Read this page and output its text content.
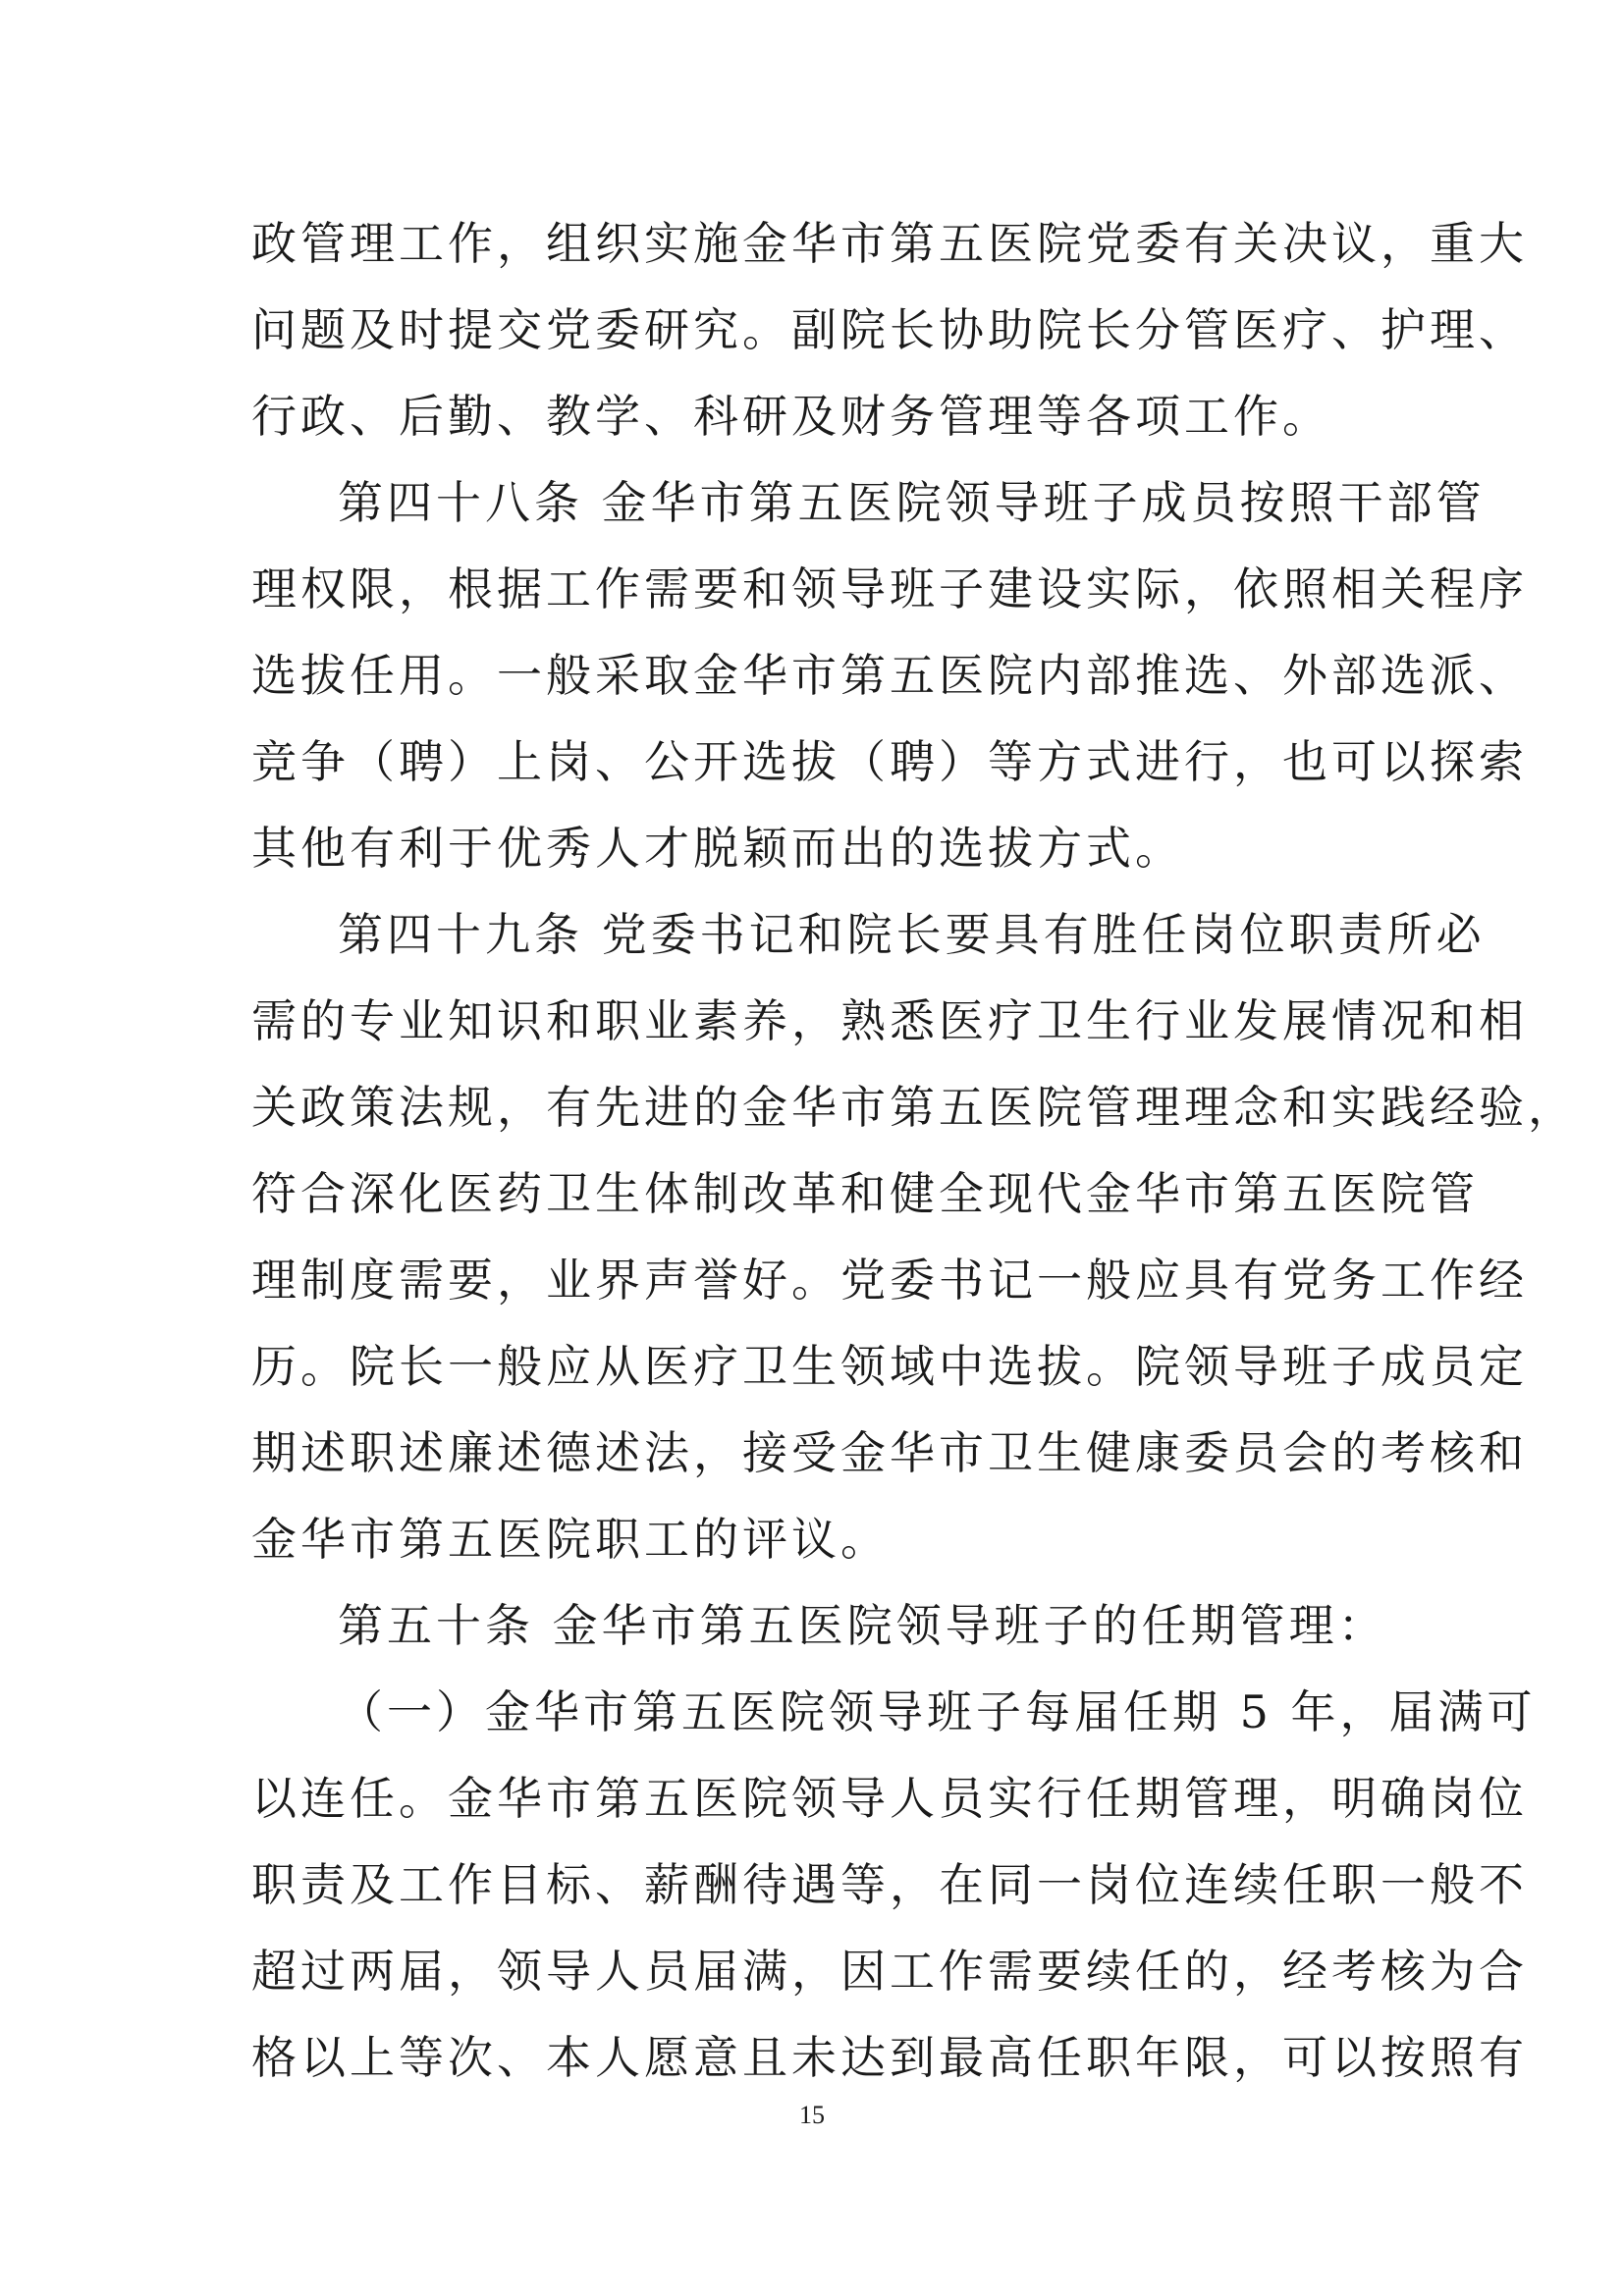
政管理工作，组织实施金华市第五医院党委有关决议，重大
问题及时提交党委研究。副院长协助院长分管医疗、护理、
行政、后勤、教学、科研及财务管理等各项工作。
第四十八条 金华市第五医院领导班子成员按照干部管
理权限，根据工作需要和领导班子建设实际，依照相关程序
选拔任用。一般采取金华市第五医院内部推选、外部选派、
竞争（聘）上岗、公开选拔（聘）等方式进行，也可以探索
其他有利于优秀人才脱颖而出的选拔方式。
第四十九条 党委书记和院长要具有胜任岗位职责所必
需的专业知识和职业素养，熟悉医疗卫生行业发展情况和相
关政策法规，有先进的金华市第五医院管理理念和实践经验，
符合深化医药卫生体制改革和健全现代金华市第五医院管
理制度需要，业界声誉好。党委书记一般应具有党务工作经
历。院长一般应从医疗卫生领域中选拔。院领导班子成员定
期述职述廉述德述法，接受金华市卫生健康委员会的考核和
金华市第五医院职工的评议。
第五十条 金华市第五医院领导班子的任期管理：
（一）金华市第五医院领导班子每届任期 5 年，届满可
以连任。金华市第五医院领导人员实行任期管理，明确岗位
职责及工作目标、薪酬待遇等，在同一岗位连续任职一般不
超过两届，领导人员届满，因工作需要续任的，经考核为合
格以上等次、本人愿意且未达到最高任职年限，可以按照有
15
